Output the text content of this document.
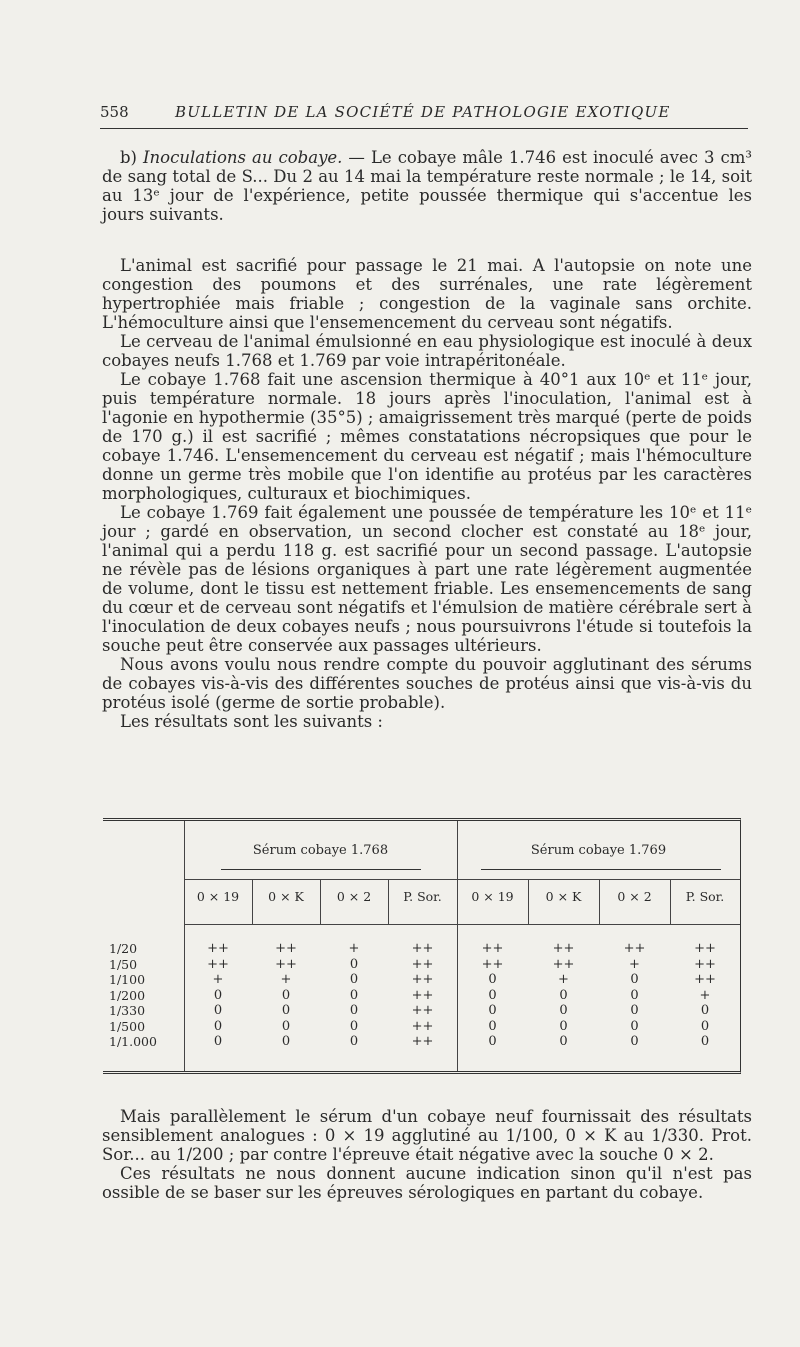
558	BULLETIN DE LA SOCIÉTÉ DE PATHOLOGIE EXOTIQUE

b) Inoculations au cobaye. — Le cobaye mâle 1.746 est inoculé avec 3 cm³ de sang total de S... Du 2 au 14 mai la température reste normale ; le 14, soit au 13ᵉ jour de l'expérience, petite poussée thermique qui s'accentue les jours suivants.

L'animal est sacrifié pour passage le 21 mai. A l'autopsie on note une congestion des poumons et des surrénales, une rate légèrement hypertrophiée mais friable ; congestion de la vaginale sans orchite. L'hémoculture ainsi que l'ensemencement du cerveau sont négatifs.

Le cerveau de l'animal émulsionné en eau physiologique est inoculé à deux cobayes neufs 1.768 et 1.769 par voie intrapéritonéale.

Le cobaye 1.768 fait une ascension thermique à 40°1 aux 10ᵉ et 11ᵉ jour, puis température normale. 18 jours après l'inoculation, l'animal est à l'agonie en hypothermie (35°5) ; amaigrissement très marqué (perte de poids de 170 g.) il est sacrifié ; mêmes constatations nécropsiques que pour le cobaye 1.746. L'ensemencement du cerveau est négatif ; mais l'hémoculture donne un germe très mobile que l'on identifie au protéus par les caractères morphologiques, culturaux et biochimiques.

Le cobaye 1.769 fait également une poussée de température les 10ᵉ et 11ᵉ jour ; gardé en observation, un second clocher est constaté au 18ᵉ jour, l'animal qui a perdu 118 g. est sacrifié pour un second passage. L'autopsie ne révèle pas de lésions organiques à part une rate légèrement augmentée de volume, dont le tissu est nettement friable. Les ensemencements de sang du cœur et de cerveau sont négatifs et l'émulsion de matière cérébrale sert à l'inoculation de deux cobayes neufs ; nous poursuivrons l'étude si toutefois la souche peut être conservée aux passages ultérieurs.

Nous avons voulu nous rendre compte du pouvoir agglutinant des sérums de cobayes vis-à-vis des différentes souches de protéus ainsi que vis-à-vis du protéus isolé (germe de sortie probable).

Les résultats sont les suivants :

Sérum cobaye 1.768	Sérum cobaye 1.769
0 × 19	0 × K	0 × 2	P. Sor.	0 × 19	0 × K	0 × 2	P. Sor.
1/20	++	++	+	++	++	++	++	++
1/50	++	++	0	++	++	++	+	++
1/100	+	+	0	++	0	+	0	++
1/200	0	0	0	++	0	0	0	+
1/330	0	0	0	++	0	0	0	0
1/500	0	0	0	++	0	0	0	0
1/1.000	0	0	0	++	0	0	0	0

Mais parallèlement le sérum d'un cobaye neuf fournissait des résultats sensiblement analogues : 0 × 19 agglutiné au 1/100, 0 × K au 1/330. Prot. Sor... au 1/200 ; par contre l'épreuve était négative avec la souche 0 × 2.

Ces résultats ne nous donnent aucune indication sinon qu'il n'est pas ossible de se baser sur les épreuves sérologiques en partant du cobaye.
